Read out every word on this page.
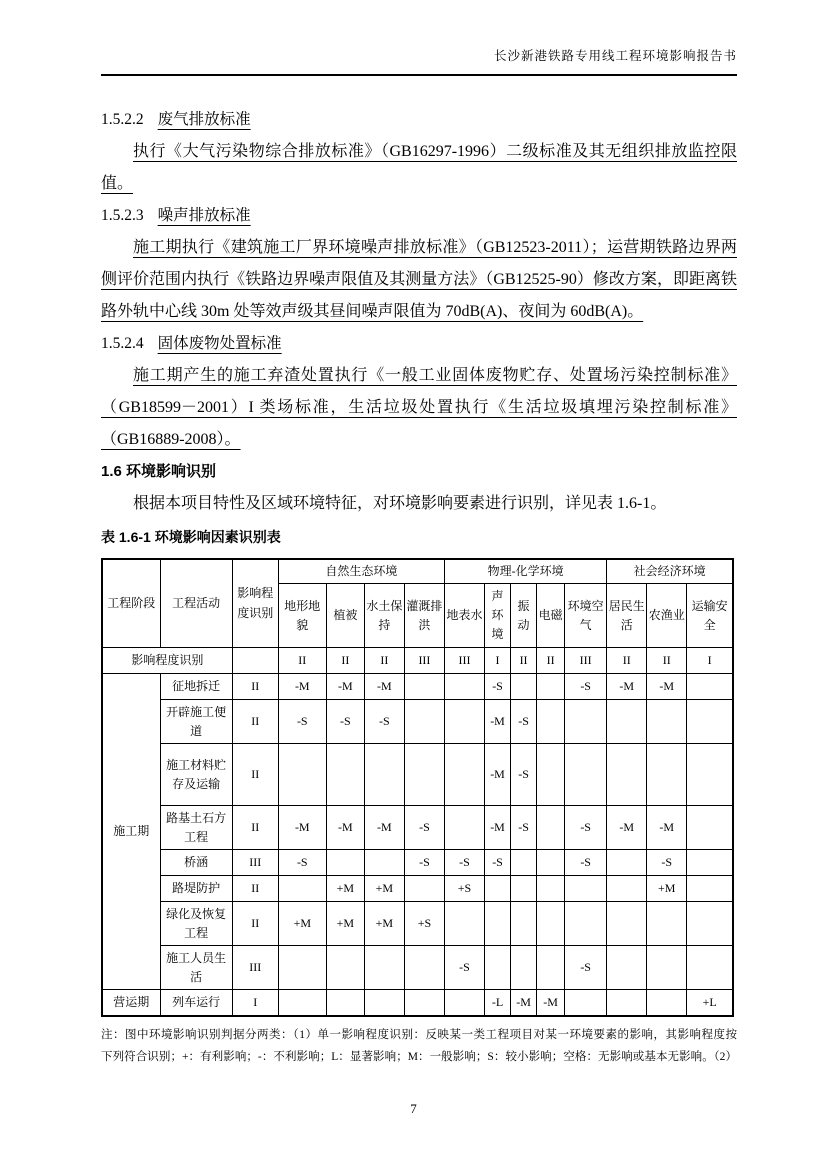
长沙新港铁路专用线工程环境影响报告书

1.5.2.2 废气排放标准

执行《大气污染物综合排放标准》（GB16297-1996）二级标准及其无组织排放监控限值。

1.5.2.3 噪声排放标准

施工期执行《建筑施工厂界环境噪声排放标准》（GB12523-2011）；运营期铁路边界两侧评价范围内执行《铁路边界噪声限值及其测量方法》（GB12525-90）修改方案，即距离铁路外轨中心线 30m 处等效声级其昼间噪声限值为 70dB(A)、夜间为 60dB(A)。

1.5.2.4 固体废物处置标准

施工期产生的施工弃渣处置执行《一般工业固体废物贮存、处置场污染控制标准》（GB18599－2001）I 类场标准，生活垃圾处置执行《生活垃圾填埋污染控制标准》（GB16889-2008）。

1.6 环境影响识别

根据本项目特性及区域环境特征，对环境影响要素进行识别，详见表 1.6-1。

表 1.6-1 环境影响因素识别表

工程阶段	工程活动	影响程度识别	自然生态环境				物理-化学环境					社会经济环境		
			地形地貌	植被	水土保持	灌溉排洪	地表水	声环境	振动	电磁	环境空气	居民生活	农渔业	运输安全
影响程度识别			II	II	II	III	III	I	II	II	III	II	II	I
施工期	征地拆迁	II	-M	-M	-M			-S			-S	-M	-M	
	开辟施工便道	II	-S	-S	-S			-M	-S					
	施工材料贮存及运输	II						-M	-S					
	路基土石方工程	II	-M	-M	-M	-S		-M	-S		-S	-M	-M	
	桥涵	III	-S			-S	-S	-S			-S		-S	
	路堤防护	II		+M	+M		+S						+M	
	绿化及恢复工程	II	+M	+M	+M	+S								
	施工人员生活	III					-S				-S			
营运期	列车运行	I						-L	-M	-M				+L
注：图中环境影响识别判据分两类：（1）单一影响程度识别：反映某一类工程项目对某一环境要素的影响，其影响程度按
下列符合识别；+：有利影响；-：不利影响；L：显著影响；M：一般影响；S：较小影响；空格：无影响或基本无影响。（2）
7
